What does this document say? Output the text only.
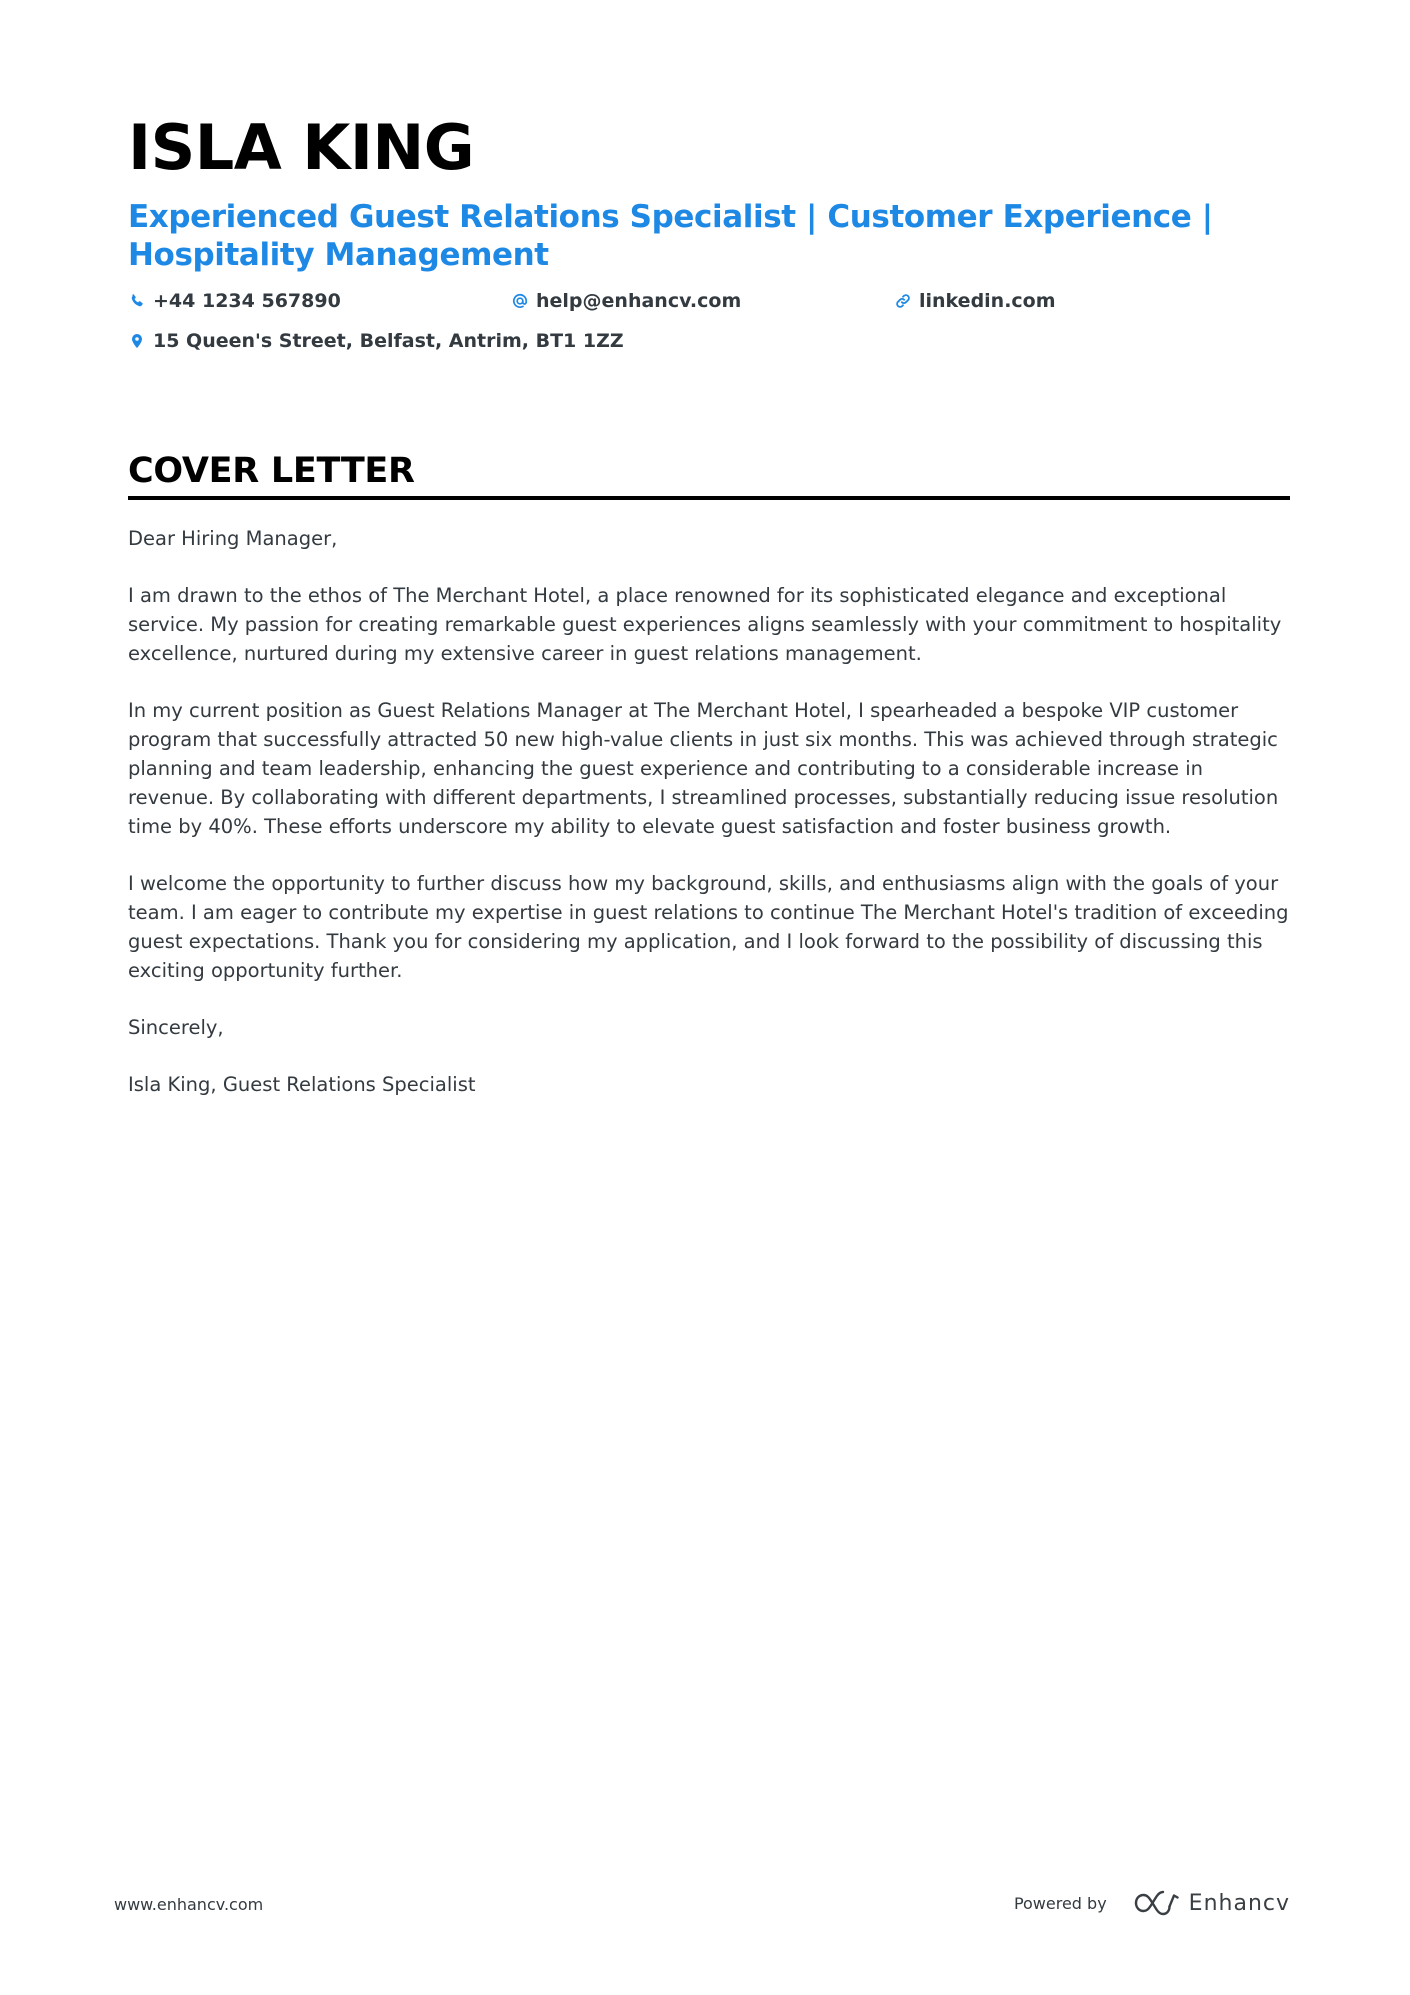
ISLA KING
Experienced Guest Relations Specialist | Customer Experience | Hospitality Management
+44 1234 567890	help@enhancv.com	linkedin.com
15 Queen's Street, Belfast, Antrim, BT1 1ZZ
COVER LETTER

Dear Hiring Manager,

I am drawn to the ethos of The Merchant Hotel, a place renowned for its sophisticated elegance and exceptional service. My passion for creating remarkable guest experiences aligns seamlessly with your commitment to hospitality excellence, nurtured during my extensive career in guest relations management.

In my current position as Guest Relations Manager at The Merchant Hotel, I spearheaded a bespoke VIP customer program that successfully attracted 50 new high-value clients in just six months. This was achieved through strategic planning and team leadership, enhancing the guest experience and contributing to a considerable increase in revenue. By collaborating with different departments, I streamlined processes, substantially reducing issue resolution time by 40%. These efforts underscore my ability to elevate guest satisfaction and foster business growth.

I welcome the opportunity to further discuss how my background, skills, and enthusiasms align with the goals of your team. I am eager to contribute my expertise in guest relations to continue The Merchant Hotel's tradition of exceeding guest expectations. Thank you for considering my application, and I look forward to the possibility of discussing this exciting opportunity further.

Sincerely,

Isla King, Guest Relations Specialist

www.enhancv.com	Powered by	Enhancv
